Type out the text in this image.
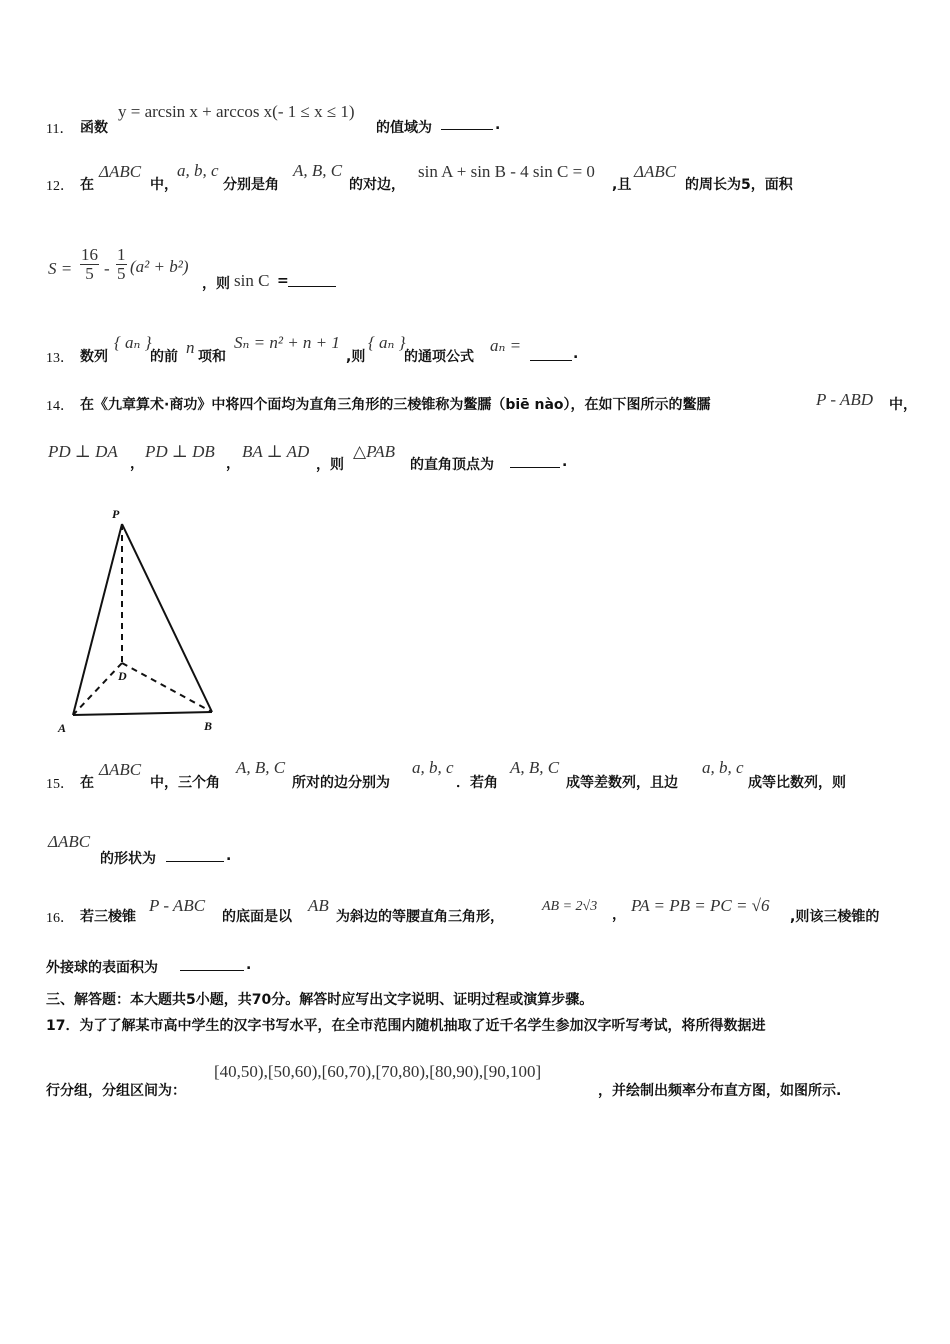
11． 函数
y = arcsin x + arccos x(- 1 ≤ x ≤ 1)
的值域为	.
12． 在
ΔABC
中，
a, b, c
分别是角
A, B, C
的对边，
sin A + sin B - 4 sin C = 0
,且
ΔABC
的周长为5，面积
$S = \frac{16}{5} - \frac{1}{5} (a^2 + b^2)$
，则 sin C =
13． 数列
{ aₙ }
的前 n 项和
Sₙ = n² + n + 1
,则
{ aₙ }
的通项公式
aₙ =	.
14． 在《九章算术·商功》中将四个面均为直角三角形的三棱锥称为鳖臑（biē nào），在如下图所示的鳖臑	P - ABD 中，
PD ⊥ DA
，
PD ⊥ DB
，
BA ⊥ AD
，则
△PAB
的直角顶点为	.
P
D
A	B
15． 在
ΔABC
中，三个角
A, B, C
所对的边分别为
a, b, c
．若角
A, B, C
成等差数列，且边
a, b, c
成等比数列，则
ΔABC
的形状为	.
16． 若三棱锥
P - ABC
的底面是以
AB
为斜边的等腰直角三角形，
AB = 2√3
， PA = PB = PC = √6
,则该三棱锥的
外接球的表面积为	.
三、解答题：本大题共5小题，共70分。解答时应写出文字说明、证明过程或演算步骤。
17．为了了解某市高中学生的汉字书写水平，在全市范围内随机抽取了近千名学生参加汉字听写考试，将所得数据进
行分组，分组区间为：
[40,50),[50,60),[60,70),[70,80),[80,90),[90,100]
，并绘制出频率分布直方图，如图所示.
